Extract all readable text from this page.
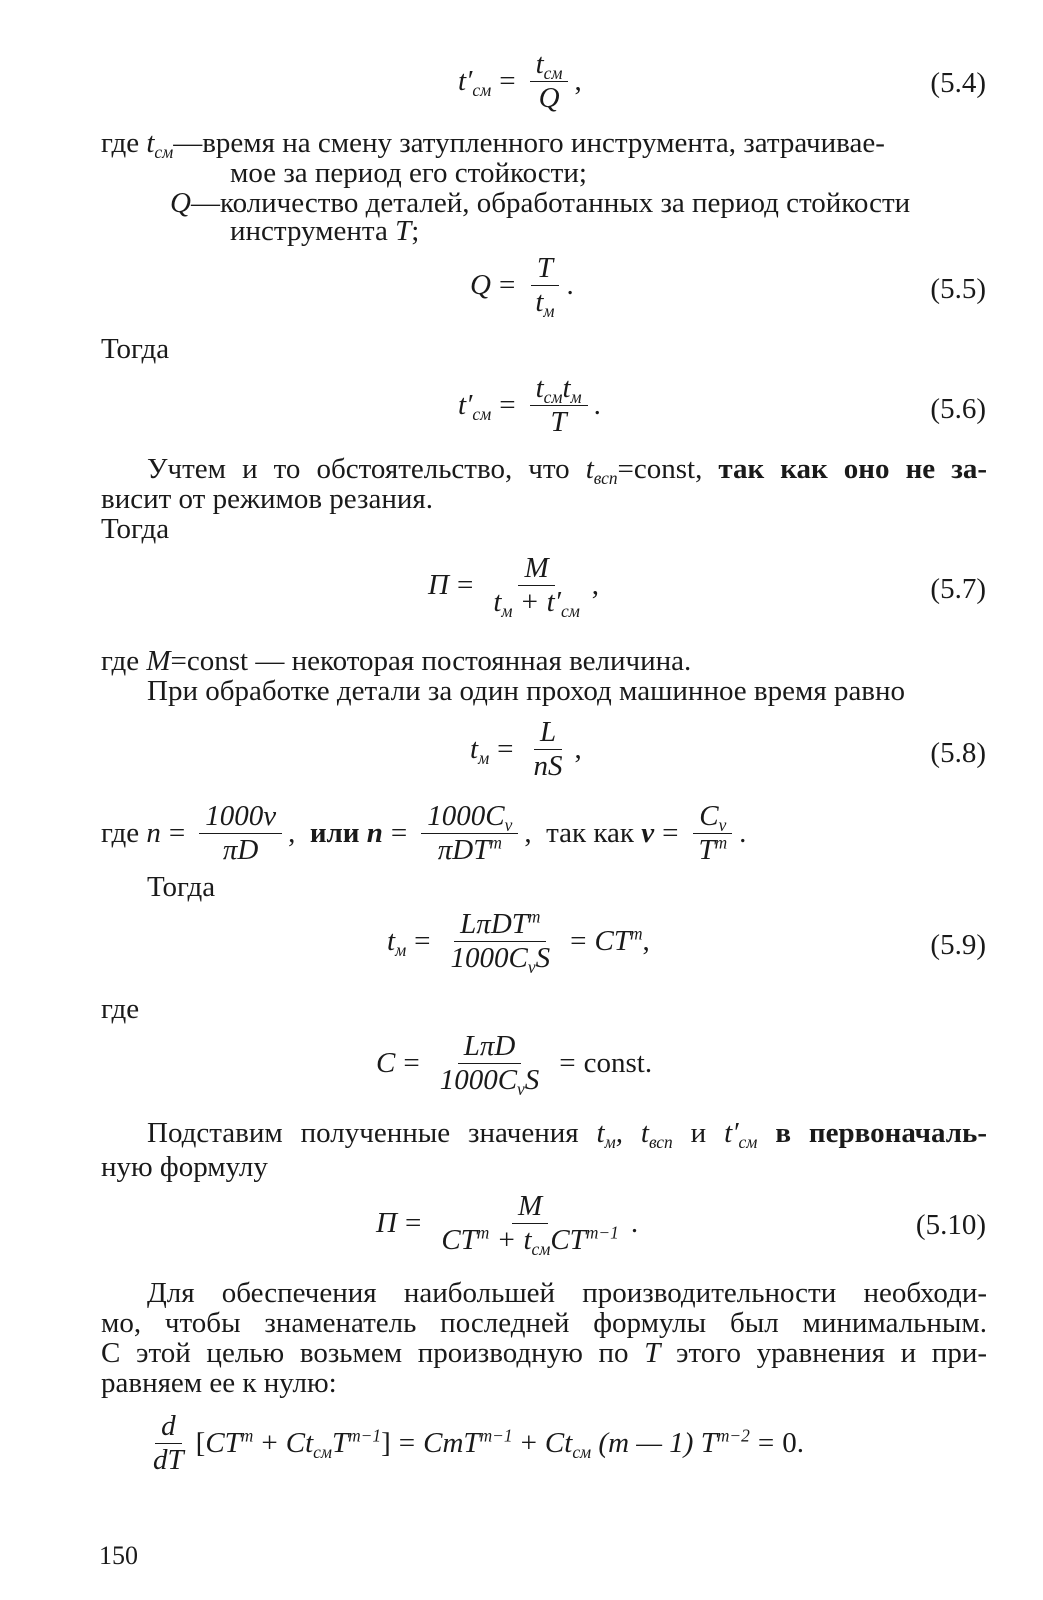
$t'_{см} = \frac{t_{см}}{Q}$ ,	(5.4)
где $t_{см}—время$ на смену затупленного инструмента, затрачивае-
мое за период его стойкости;
Q—количество деталей, обработанных за период стойкости
инструмента T;
$Q = \frac{T}{t_м}$ .	(5.5)
Тогда
$t'_{см} = \frac{t_{см}t_м}{T}$ .	(5.6)
Учтем и то обстоятельство, что $t_{всп}=const$, так как оно не за-
висит от режимов резания.
Тогда
$П = \frac{M}{t_м + t'_{см}}$ ,	(5.7)
где M=const — некоторая постоянная величина.
При обработке детали за один проход машинное время равно
$t_м = \frac{L}{nS}$ ,	(5.8)
где
$n = \frac{1000v}{\pi D}$ ,
или
$n = \frac{1000C_v}{\pi DT^m}$ ,
так как
$v = \frac{C_v}{T^m}$ .
Тогда
$t_м = \frac{L\pi DT^m}{1000C_vS} = CT^m$ ,	(5.9)
где
$C = \frac{\text{LπD}}{1000C_vS}$ = const .
Подставим полученные значения $t_м$, $t_{всп}$ и $t'_{см}$ в первоначаль-
ную формулу
$П = \frac{M}{CT^m + t_{см}CT^{m-1}}$ .	(5.10)
Для обеспечения наибольшей производительности необходи-
мо, чтобы знаменатель последней формулы был минимальным.
С этой целью возьмем производную по T этого уравнения и при-
равняем ее к нулю:
$\frac{d}{dT}$ [ $CT^m + Ct_{см}T^{m-1}$ ] = $CmT^{m-1} + Ct_{см}$
(m — 1)
$T^{m-2} = 0$ .
150
